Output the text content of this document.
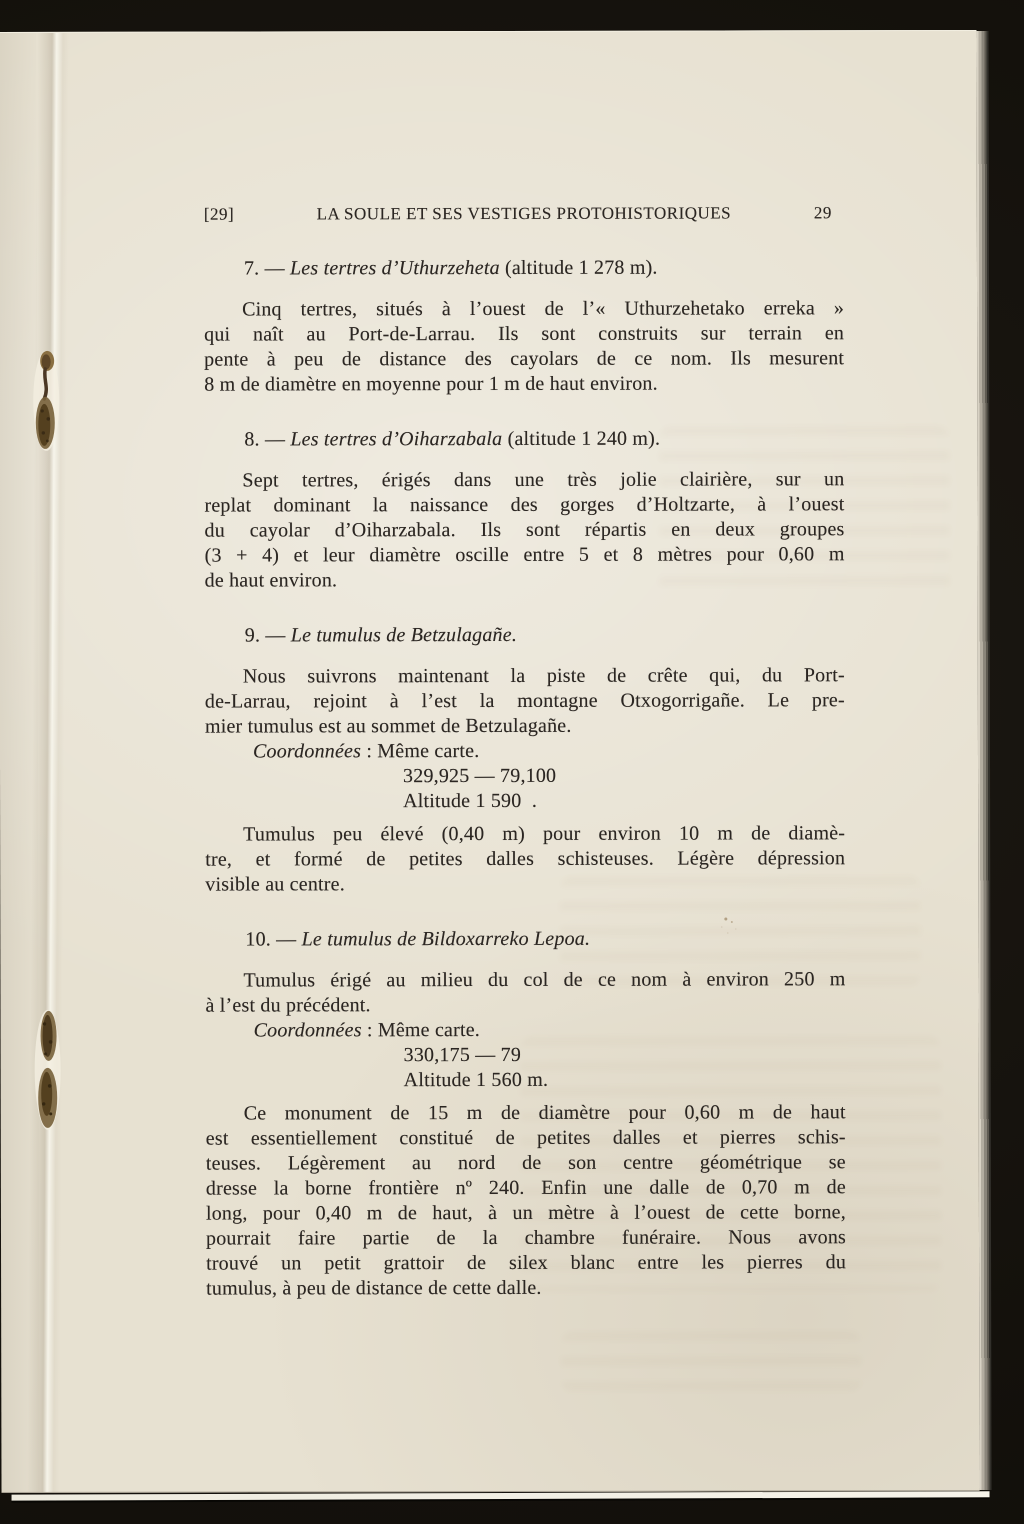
[29]	LA SOULE ET SES VESTIGES PROTOHISTORIQUES	29
7. — Les tertres d’Uthurzeheta (altitude 1 278 m).
Cinq tertres, situés à l’ouest de l’« Uthurzehetako erreka »
qui naît au Port-de-Larrau. Ils sont construits sur terrain en
pente à peu de distance des cayolars de ce nom. Ils mesurent
8 m de diamètre en moyenne pour 1 m de haut environ.
8. — Les tertres d’Oiharzabala (altitude 1 240 m).
Sept tertres, érigés dans une très jolie clairière, sur un
replat dominant la naissance des gorges d’Holtzarte, à l’ouest
du cayolar d’Oiharzabala. Ils sont répartis en deux groupes
(3 + 4) et leur diamètre oscille entre 5 et 8 mètres pour 0,60 m
de haut environ.
9. — Le tumulus de Betzulagañe.
Nous suivrons maintenant la piste de crête qui, du Port-
de-Larrau, rejoint à l’est la montagne Otxogorrigañe. Le pre-
mier tumulus est au sommet de Betzulagañe.
Coordonnées : Même carte.
329,925 — 79,100
Altitude 1 590  .
Tumulus peu élevé (0,40 m) pour environ 10 m de diamè-
tre, et formé de petites dalles schisteuses. Légère dépression
visible au centre.
10. — Le tumulus de Bildoxarreko Lepoa.
Tumulus érigé au milieu du col de ce nom à environ 250 m
à l’est du précédent.
Coordonnées : Même carte.
330,175 — 79
Altitude 1 560 m.
Ce monument de 15 m de diamètre pour 0,60 m de haut
est essentiellement constitué de petites dalles et pierres schis-
teuses. Légèrement au nord de son centre géométrique se
dresse la borne frontière nº 240. Enfin une dalle de 0,70 m de
long, pour 0,40 m de haut, à un mètre à l’ouest de cette borne,
pourrait faire partie de la chambre funéraire. Nous avons
trouvé un petit grattoir de silex blanc entre les pierres du
tumulus, à peu de distance de cette dalle.
